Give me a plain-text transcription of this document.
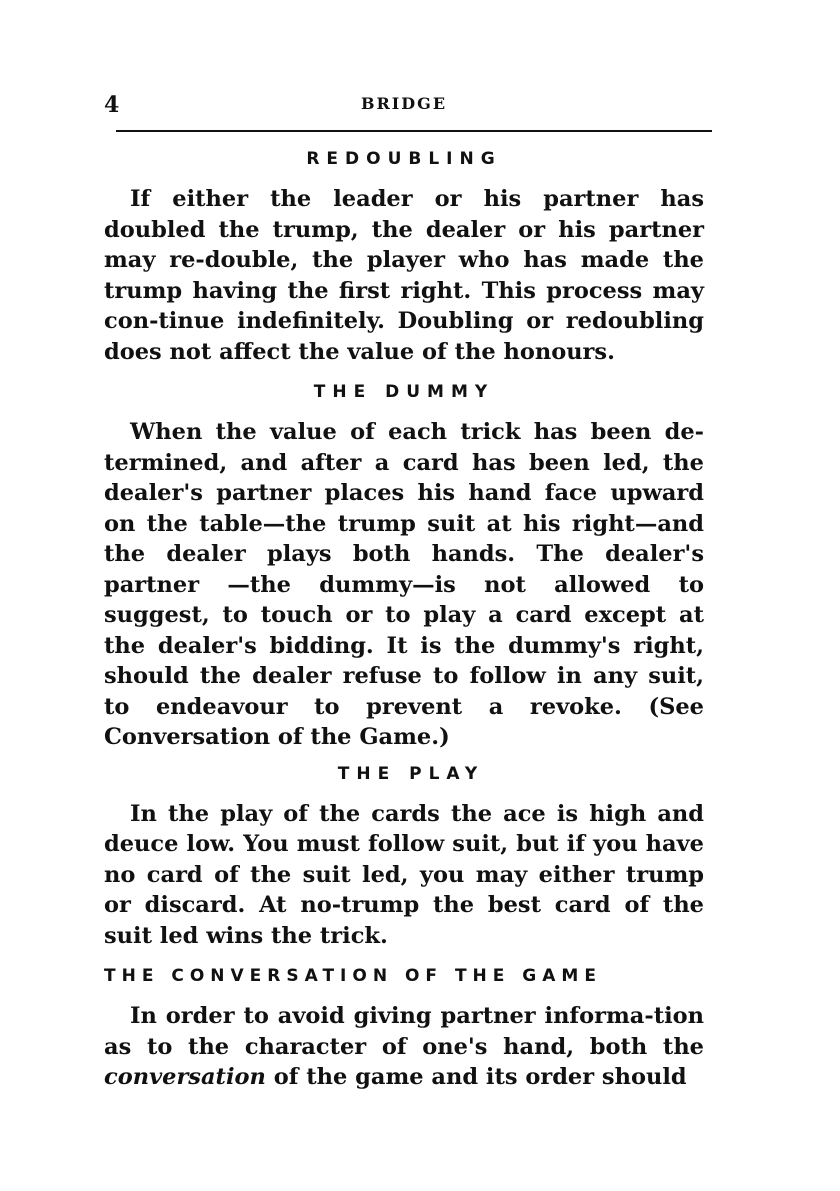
4	BRIDGE
REDOUBLING

If either the leader or his partner has doubled the trump, the dealer or his partner may re-double, the player who has made the trump having the first right. This process may con-tinue indefinitely. Doubling or redoubling does not affect the value of the honours.

THE DUMMY

When the value of each trick has been de-termined, and after a card has been led, the dealer's partner places his hand face upward on the table—the trump suit at his right—and the dealer plays both hands. The dealer's partner —the dummy—is not allowed to suggest, to touch or to play a card except at the dealer's bidding. It is the dummy's right, should the dealer refuse to follow in any suit, to endeavour to prevent a revoke. (See Conversation of the Game.)

THE PLAY

In the play of the cards the ace is high and deuce low. You must follow suit, but if you have no card of the suit led, you may either trump or discard. At no-trump the best card of the suit led wins the trick.

THE CONVERSATION OF THE GAME

In order to avoid giving partner informa-tion as to the character of one's hand, both the conversation of the game and its order should
